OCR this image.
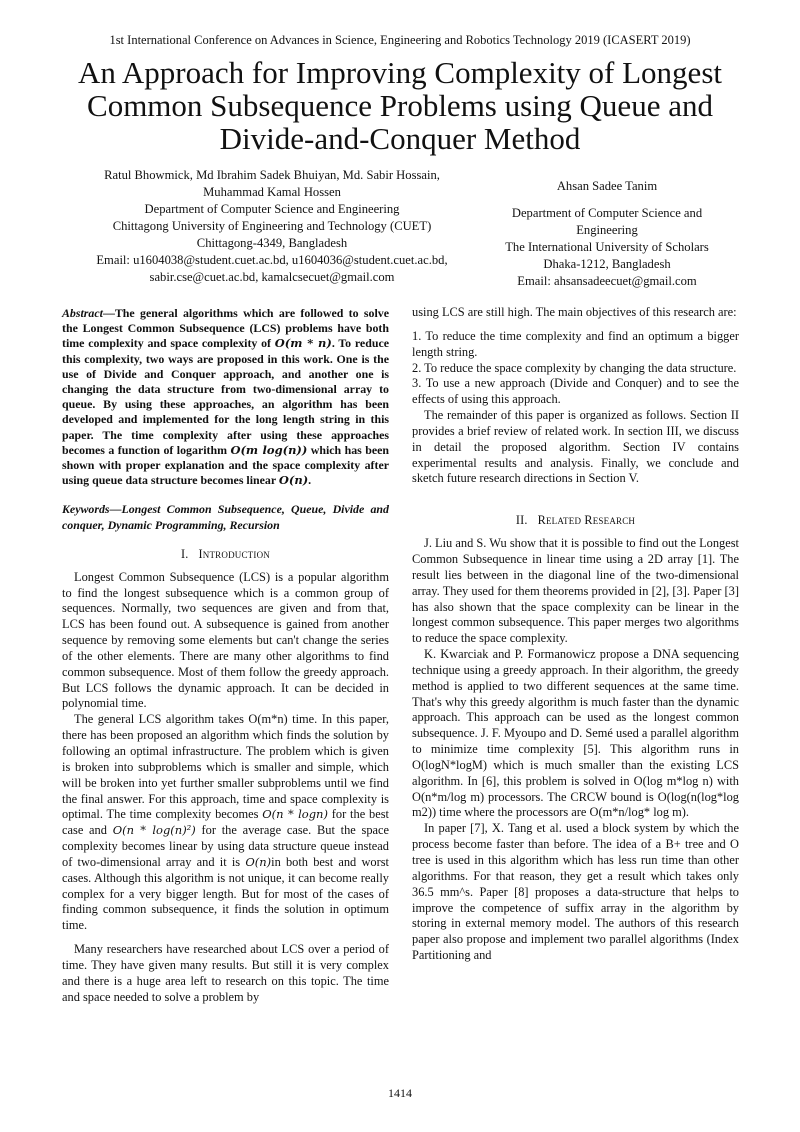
1st International Conference on Advances in Science, Engineering and Robotics Technology 2019 (ICASERT 2019)
An Approach for Improving Complexity of Longest Common Subsequence Problems using Queue and Divide-and-Conquer Method
Ratul Bhowmick, Md Ibrahim Sadek Bhuiyan, Md. Sabir Hossain,
Muhammad Kamal Hossen
Department of Computer Science and Engineering
Chittagong University of Engineering and Technology (CUET)
Chittagong-4349, Bangladesh
Email: u1604038@student.cuet.ac.bd, u1604036@student.cuet.ac.bd,
sabir.cse@cuet.ac.bd, kamalcsecuet@gmail.com
Ahsan Sadee Tanim
Department of Computer Science and
Engineering
The International University of Scholars
Dhaka-1212, Bangladesh
Email: ahsansadeecuet@gmail.com

Abstract—The general algorithms which are followed to solve the Longest Common Subsequence (LCS) problems have both time complexity and space complexity of O(m * n). To reduce this complexity, two ways are proposed in this work. One is the use of Divide and Conquer approach, and another one is changing the data structure from two-dimensional array to queue. By using these approaches, an algorithm has been developed and implemented for the long length string in this paper. The time complexity after using these approaches becomes a function of logarithm O(m log(n)) which has been shown with proper explanation and the space complexity after using queue data structure becomes linear O(n).

Keywords—Longest Common Subsequence, Queue, Divide and conquer, Dynamic Programming, Recursion

I. Introduction

Longest Common Subsequence (LCS) is a popular algorithm to find the longest subsequence which is a common group of sequences. Normally, two sequences are given and from that, LCS has been found out. A subsequence is gained from another sequence by removing some elements but can't change the series of the other elements. There are many other algorithms to find common subsequence. Most of them follow the greedy approach. But LCS follows the dynamic approach. It can be decided in polynomial time.

The general LCS algorithm takes O(m*n) time. In this paper, there has been proposed an algorithm which finds the solution by following an optimal infrastructure. The problem which is given is broken into subproblems which is smaller and simple, which will be broken into yet further smaller subproblems until we find the final answer. For this approach, time and space complexity is optimal. The time complexity becomes O(n * logn) for the best case and O(n * log(n)²) for the average case. But the space complexity becomes linear by using data structure queue instead of two-dimensional array and it is O(n)in both best and worst cases. Although this algorithm is not unique, it can become really complex for a very bigger length. But for most of the cases of finding common subsequence, it finds the solution in optimum time.

Many researchers have researched about LCS over a period of time. They have given many results. But still it is very complex and there is a huge area left to research on this topic. The time and space needed to solve a problem by

using LCS are still high. The main objectives of this research are:

1. To reduce the time complexity and find an optimum a bigger length string.

2. To reduce the space complexity by changing the data structure.

3. To use a new approach (Divide and Conquer) and to see the effects of using this approach.

The remainder of this paper is organized as follows. Section II provides a brief review of related work. In section III, we discuss in detail the proposed algorithm. Section IV contains experimental results and analysis. Finally, we conclude and sketch future research directions in Section V.

II. Related Research

J. Liu and S. Wu show that it is possible to find out the Longest Common Subsequence in linear time using a 2D array [1]. The result lies between in the diagonal line of the two-dimensional array. They used for them theorems provided in [2], [3]. Paper [3] has also shown that the space complexity can be linear in the longest common subsequence. This paper merges two algorithms to reduce the space complexity.

K. Kwarciak and P. Formanowicz propose a DNA sequencing technique using a greedy approach. In their algorithm, the greedy method is applied to two different sequences at the same time. That's why this greedy algorithm is much faster than the dynamic approach. This approach can be used as the longest common subsequence. J. F. Myoupo and D. Semé used a parallel algorithm to minimize time complexity [5]. This algorithm runs in O(logN*logM) which is much smaller than the existing LCS algorithm. In [6], this problem is solved in O(log m*log n) with O(n*m/log m) processors. The CRCW bound is O(log(n(log*log m2)) time where the processors are O(m*n/log* log m).

In paper [7], X. Tang et al. used a block system by which the process become faster than before. The idea of a B+ tree and O tree is used in this algorithm which has less run time than other algorithms. For that reason, they get a result which takes only 36.5 mm^s. Paper [8] proposes a data-structure that helps to improve the competence of suffix array in the algorithm by storing in external memory model. The authors of this research paper also propose and implement two parallel algorithms (Index Partitioning and

1414
